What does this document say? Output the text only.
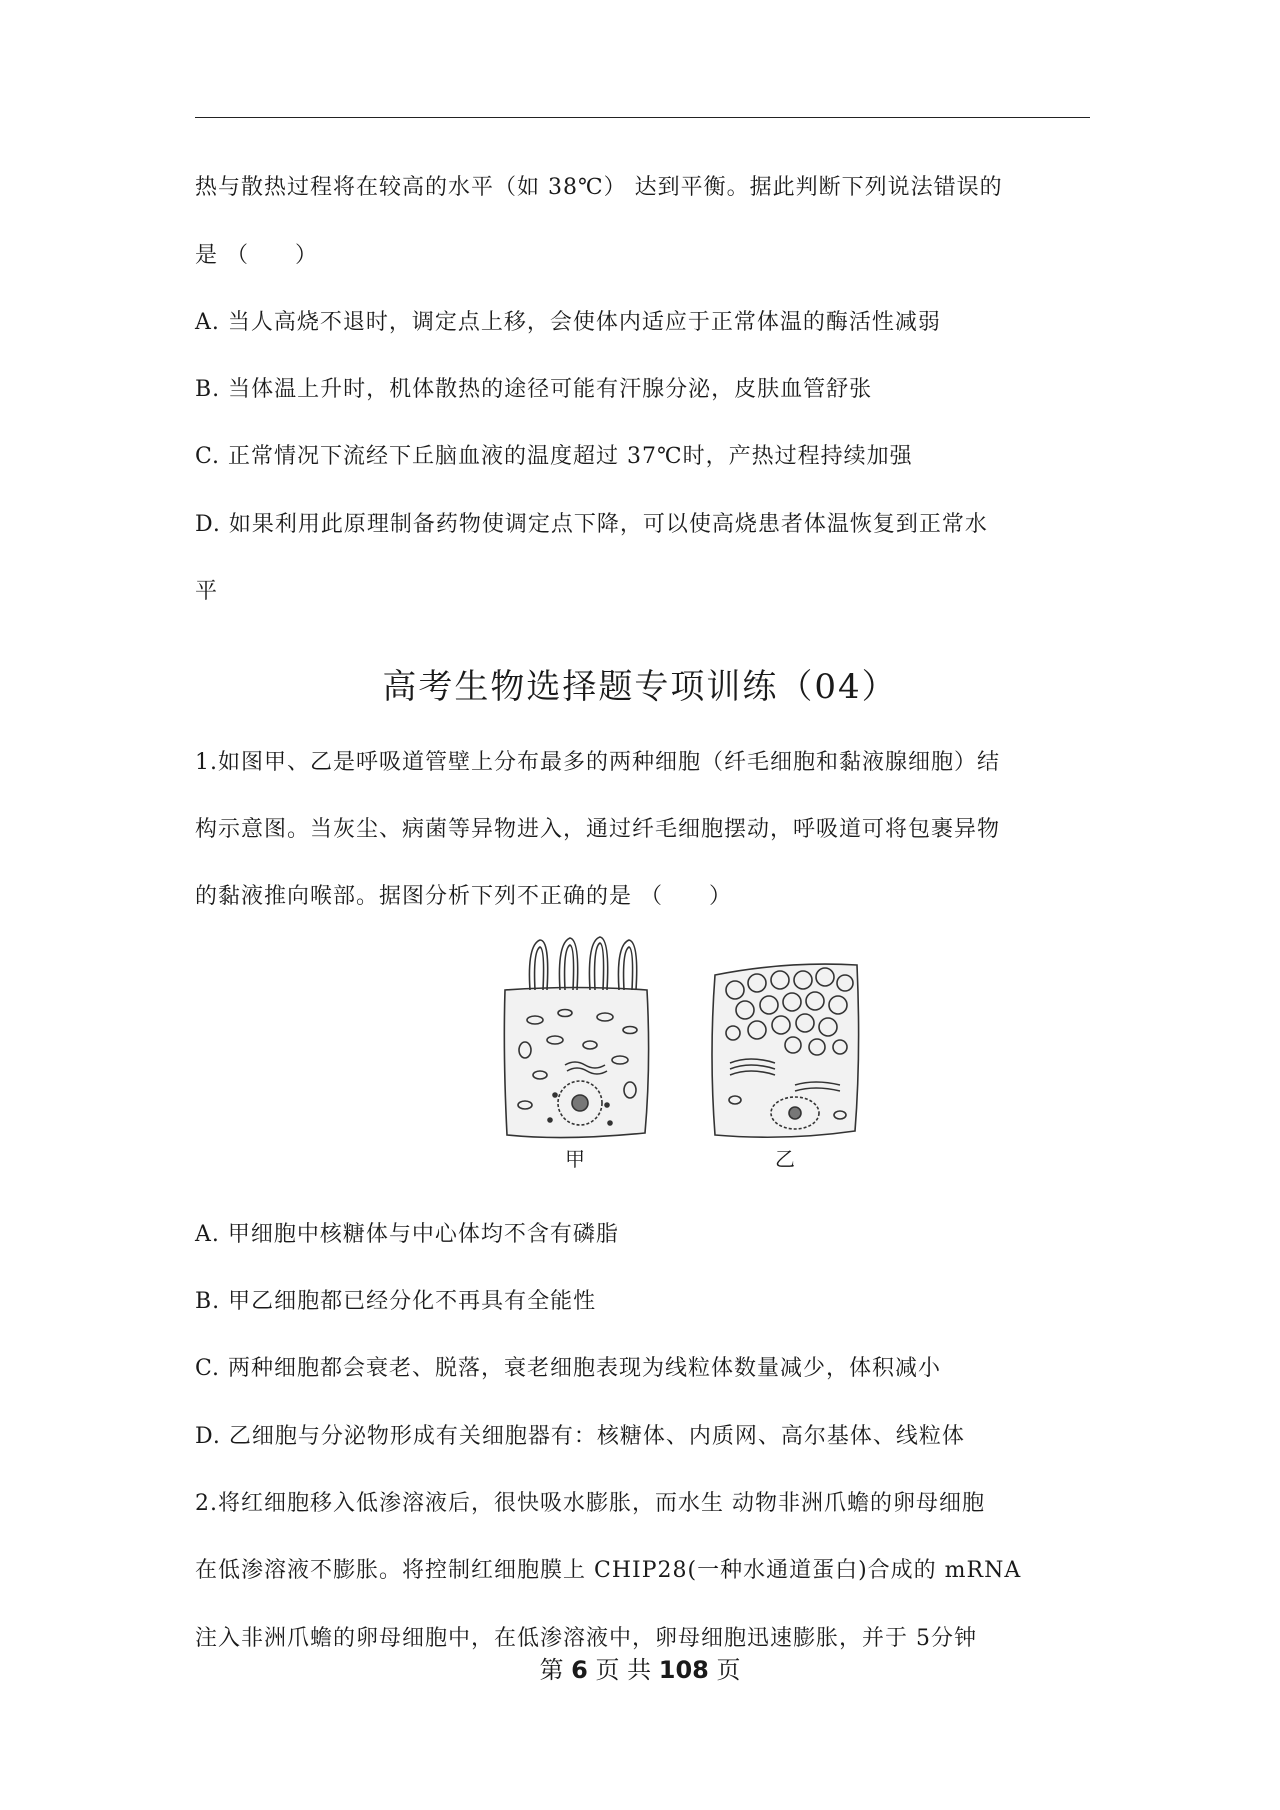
热与散热过程将在较高的水平（如 38℃） 达到平衡。据此判断下列说法错误的
是 （　　）
A. 当人高烧不退时，调定点上移，会使体内适应于正常体温的酶活性减弱
B. 当体温上升时，机体散热的途径可能有汗腺分泌，皮肤血管舒张
C. 正常情况下流经下丘脑血液的温度超过 37℃时，产热过程持续加强
D. 如果利用此原理制备药物使调定点下降，可以使高烧患者体温恢复到正常水
平
高考生物选择题专项训练（04）
1.如图甲、乙是呼吸道管壁上分布最多的两种细胞（纤毛细胞和黏液腺细胞）结
构示意图。当灰尘、病菌等异物进入，通过纤毛细胞摆动，呼吸道可将包裹异物
的黏液推向喉部。据图分析下列不正确的是 （　　）
甲	乙
A. 甲细胞中核糖体与中心体均不含有磷脂
B. 甲乙细胞都已经分化不再具有全能性
C. 两种细胞都会衰老、脱落，衰老细胞表现为线粒体数量减少，体积减小
D. 乙细胞与分泌物形成有关细胞器有：核糖体、内质网、高尔基体、线粒体
2.将红细胞移入低渗溶液后，很快吸水膨胀，而水生 动物非洲爪蟾的卵母细胞
在低渗溶液不膨胀。将控制红细胞膜上 CHIP28(一种水通道蛋白)合成的 mRNA
注入非洲爪蟾的卵母细胞中，在低渗溶液中，卵母细胞迅速膨胀，并于 5分钟
第 6 页 共 108 页
